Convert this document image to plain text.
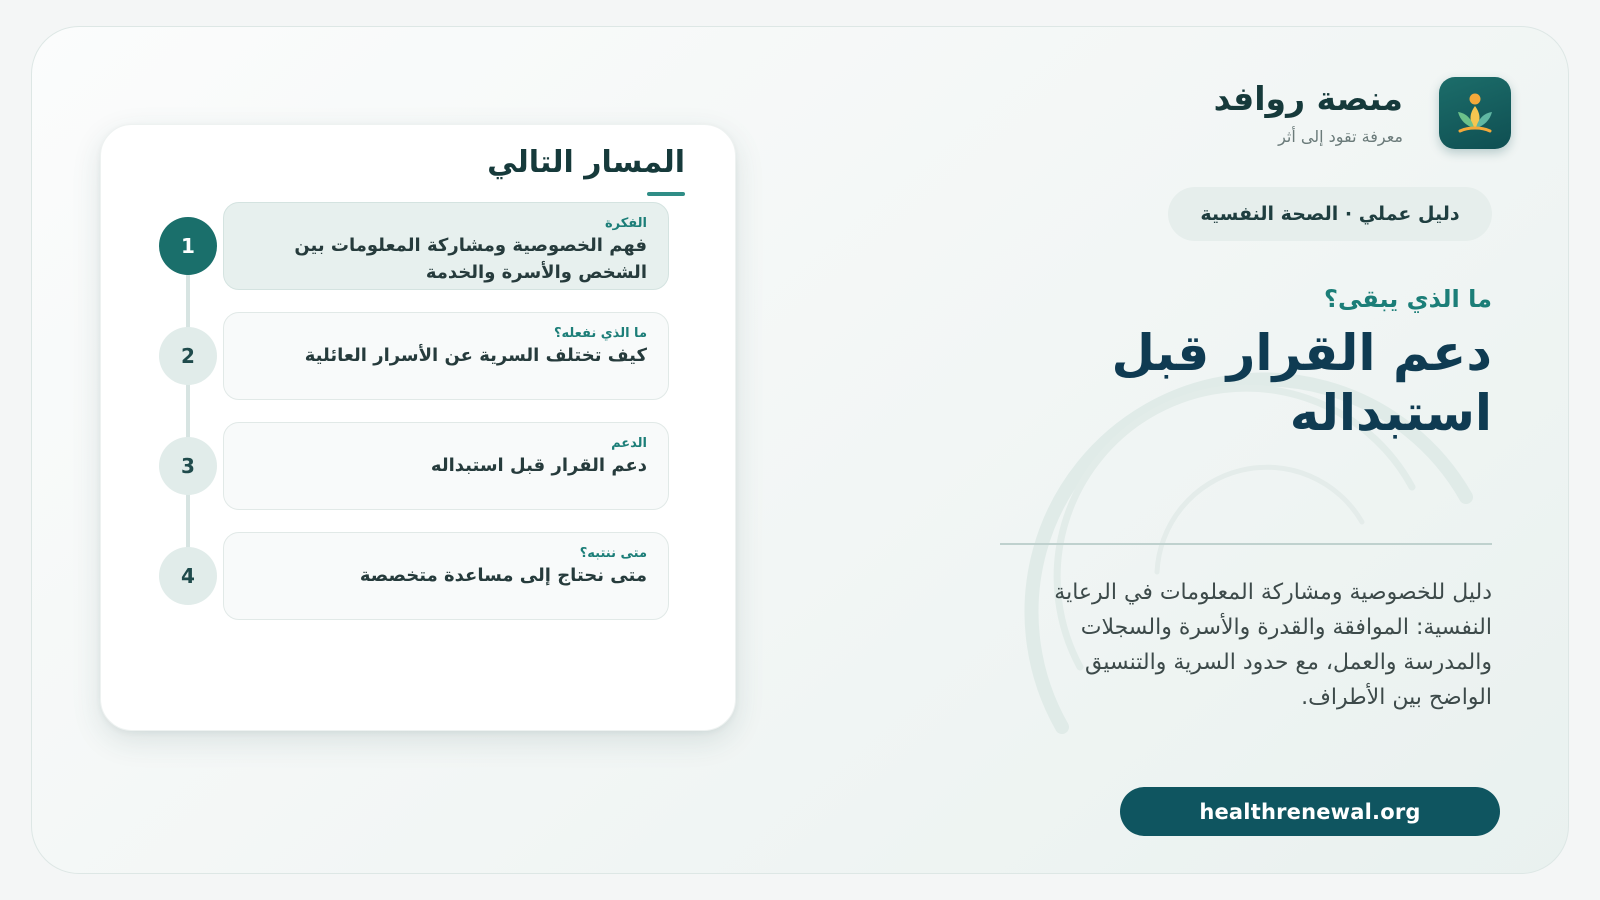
منصة روافد
معرفة تقود إلى أثر
دليل عملي · الصحة النفسية
ما الذي يبقى؟
دعم القرار قبل استبداله

دليل للخصوصية ومشاركة المعلومات في الرعاية النفسية: الموافقة والقدرة والأسرة والسجلات والمدرسة والعمل، مع حدود السرية والتنسيق الواضح بين الأطراف.

healthrenewal.org
المسار التالي
1

الفكرة

فهم الخصوصية ومشاركة المعلومات بين الشخص والأسرة والخدمة

2

ما الذي نفعله؟

كيف تختلف السرية عن الأسرار العائلية

3

الدعم

دعم القرار قبل استبداله

4

متى ننتبه؟

متى نحتاج إلى مساعدة متخصصة
